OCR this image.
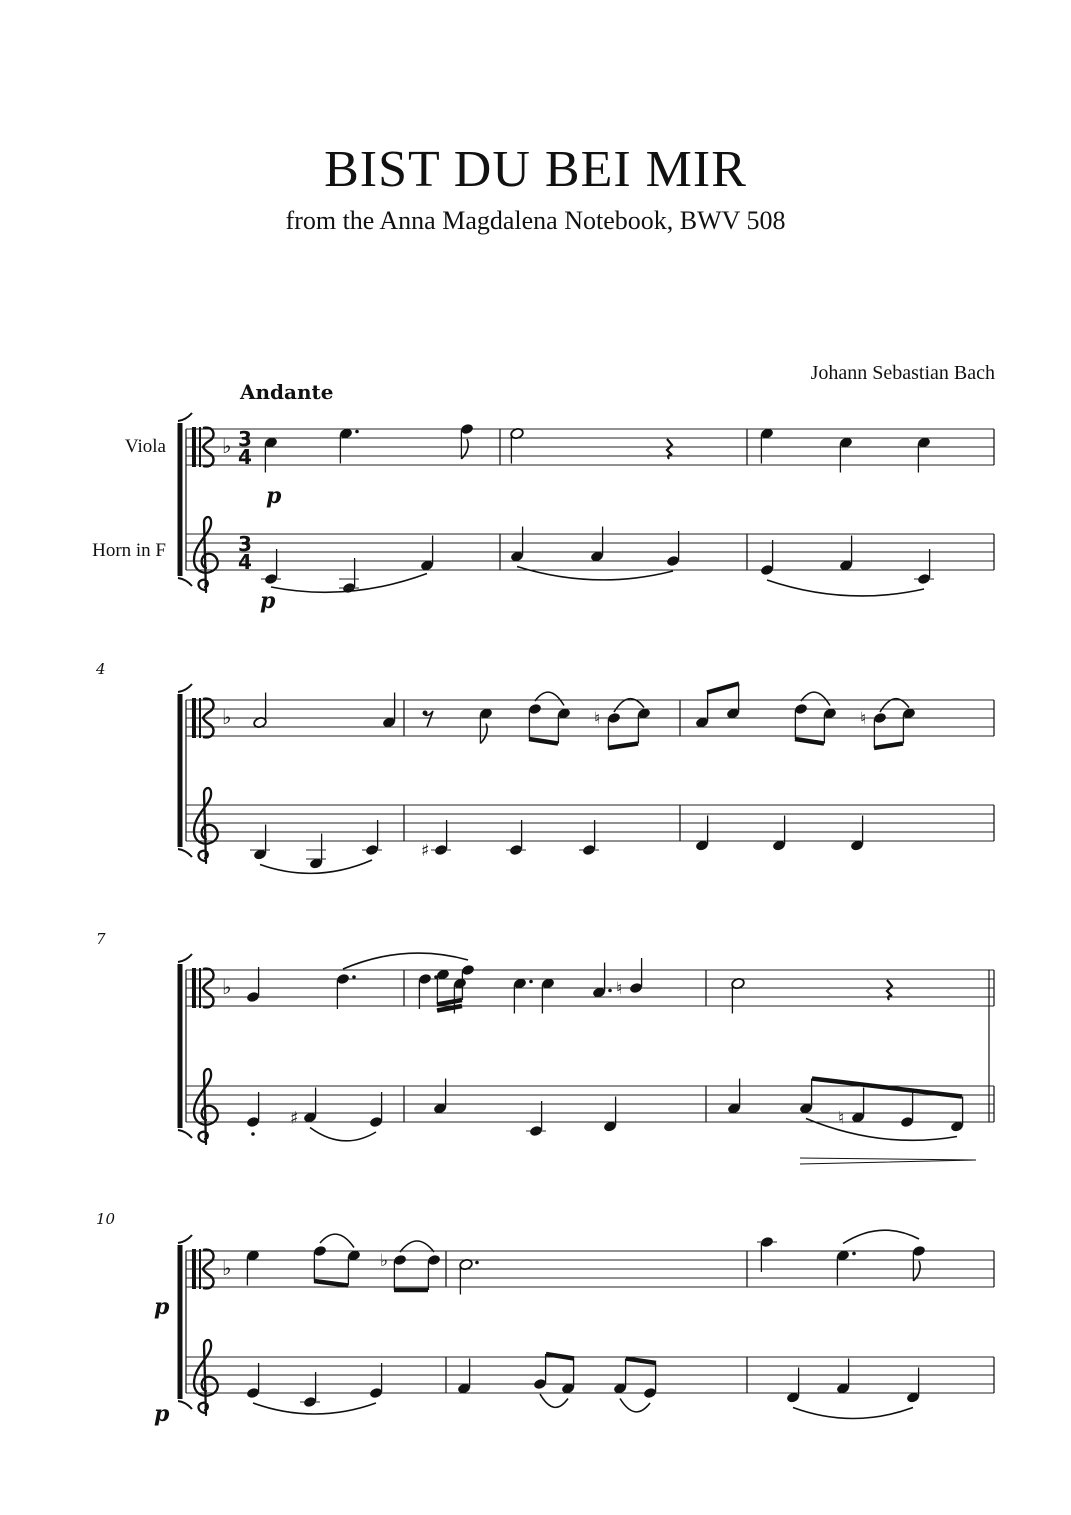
BIST DU BEI MIR
from the Anna Magdalena Notebook, BWV 508
Johann Sebastian Bach
Andante
Viola
Horn in F
4
7
10
♭ 3
4
3
4
♭
♭
♭
p
p
♮	♮
♯
♮
♯	♮
p
♭
p
